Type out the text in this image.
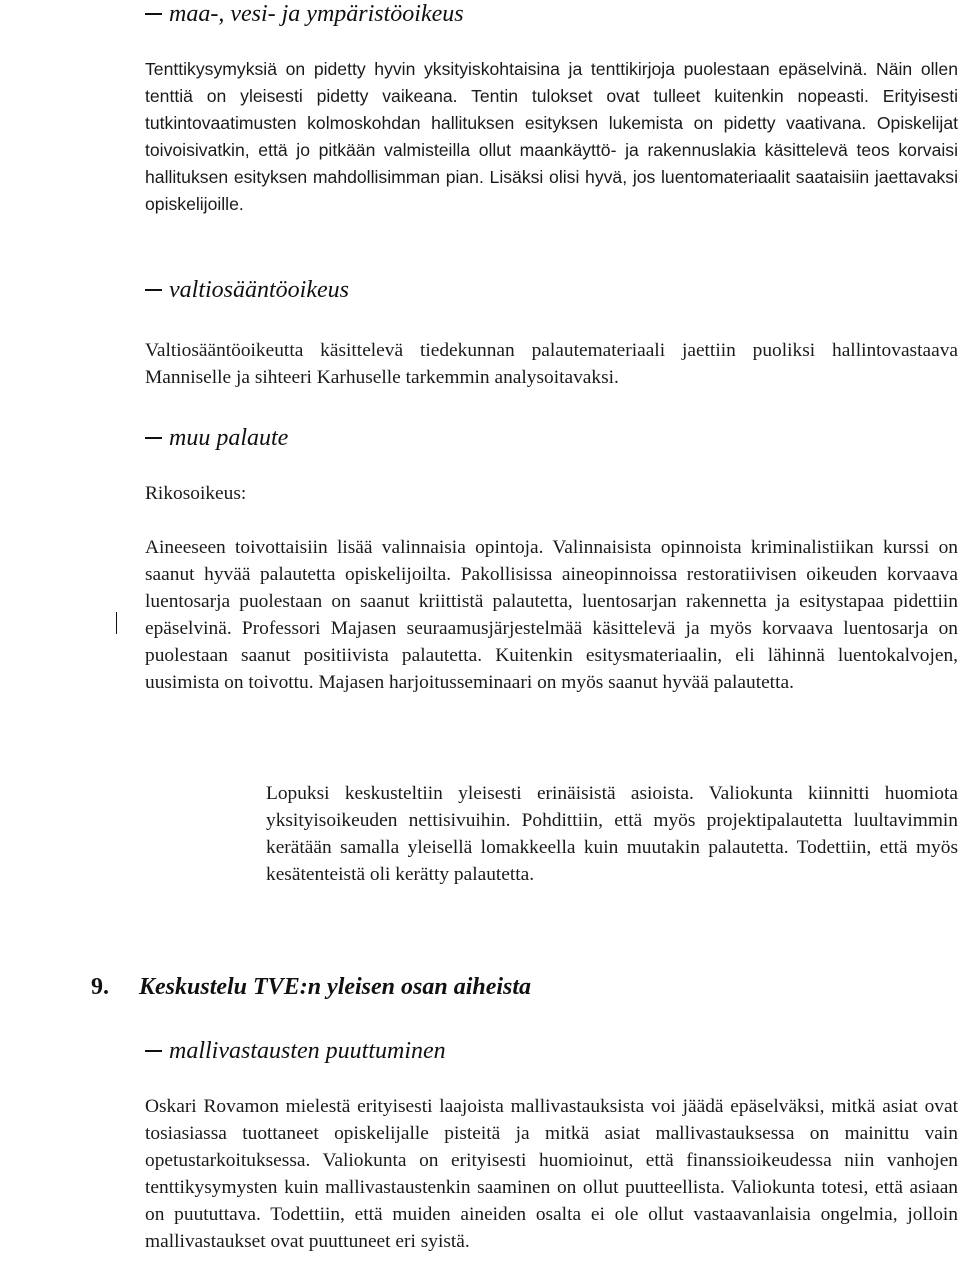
maa-, vesi- ja ympäristöoikeus
Tenttikysymyksiä on pidetty hyvin yksityiskohtaisina ja tenttikirjoja puolestaan epäselvinä. Näin ollen tenttiä on yleisesti pidetty vaikeana. Tentin tulokset ovat tulleet kuitenkin nopeasti. Erityisesti tutkintovaatimusten kolmoskohdan hallituksen esityksen lukemista on pidetty vaativana. Opiskelijat toivoisivatkin, että jo pitkään valmisteilla ollut maankäyttö- ja rakennuslakia käsittelevä teos korvaisi hallituksen esityksen mahdollisimman pian. Lisäksi olisi hyvä, jos luentomateriaalit saataisiin jaettavaksi opiskelijoille.
valtiosääntöoikeus
Valtiosääntöoikeutta käsittelevä tiedekunnan palautemateriaali jaettiin puoliksi hallintovastaava Manniselle ja sihteeri Karhuselle tarkemmin analysoitavaksi.
muu palaute
Rikosoikeus:
Aineeseen toivottaisiin lisää valinnaisia opintoja. Valinnaisista opinnoista kriminalistiikan kurssi on saanut hyvää palautetta opiskelijoilta. Pakollisissa aineopinnoissa restoratiivisen oikeuden korvaava luentosarja puolestaan on saanut kriittistä palautetta, luentosarjan rakennetta ja esitystapaa pidettiin epäselvinä. Professori Majasen seuraamusjärjestelmää käsittelevä ja myös korvaava luentosarja on puolestaan saanut positiivista palautetta. Kuitenkin esitysmateriaalin, eli lähinnä luentokalvojen, uusimista on toivottu. Majasen harjoitusseminaari on myös saanut hyvää palautetta.
Lopuksi keskusteltiin yleisesti erinäisistä asioista. Valiokunta kiinnitti huomiota yksityisoikeuden nettisivuihin. Pohdittiin, että myös projektipalautetta luultavimmin kerätään samalla yleisellä lomakkeella kuin muutakin palautetta. Todettiin, että myös kesätenteistä oli kerätty palautetta.
9. Keskustelu TVE:n yleisen osan aiheista
mallivastausten puuttuminen
Oskari Rovamon mielestä erityisesti laajoista mallivastauksista voi jäädä epäselväksi, mitkä asiat ovat tosiasiassa tuottaneet opiskelijalle pisteitä ja mitkä asiat mallivastauksessa on mainittu vain opetustarkoituksessa. Valiokunta on erityisesti huomioinut, että finanssioikeudessa niin vanhojen tenttikysymysten kuin mallivastaustenkin saaminen on ollut puutteellista. Valiokunta totesi, että asiaan on puututtava. Todettiin, että muiden aineiden osalta ei ole ollut vastaavanlaisia ongelmia, jolloin mallivastaukset ovat puuttuneet eri syistä.
